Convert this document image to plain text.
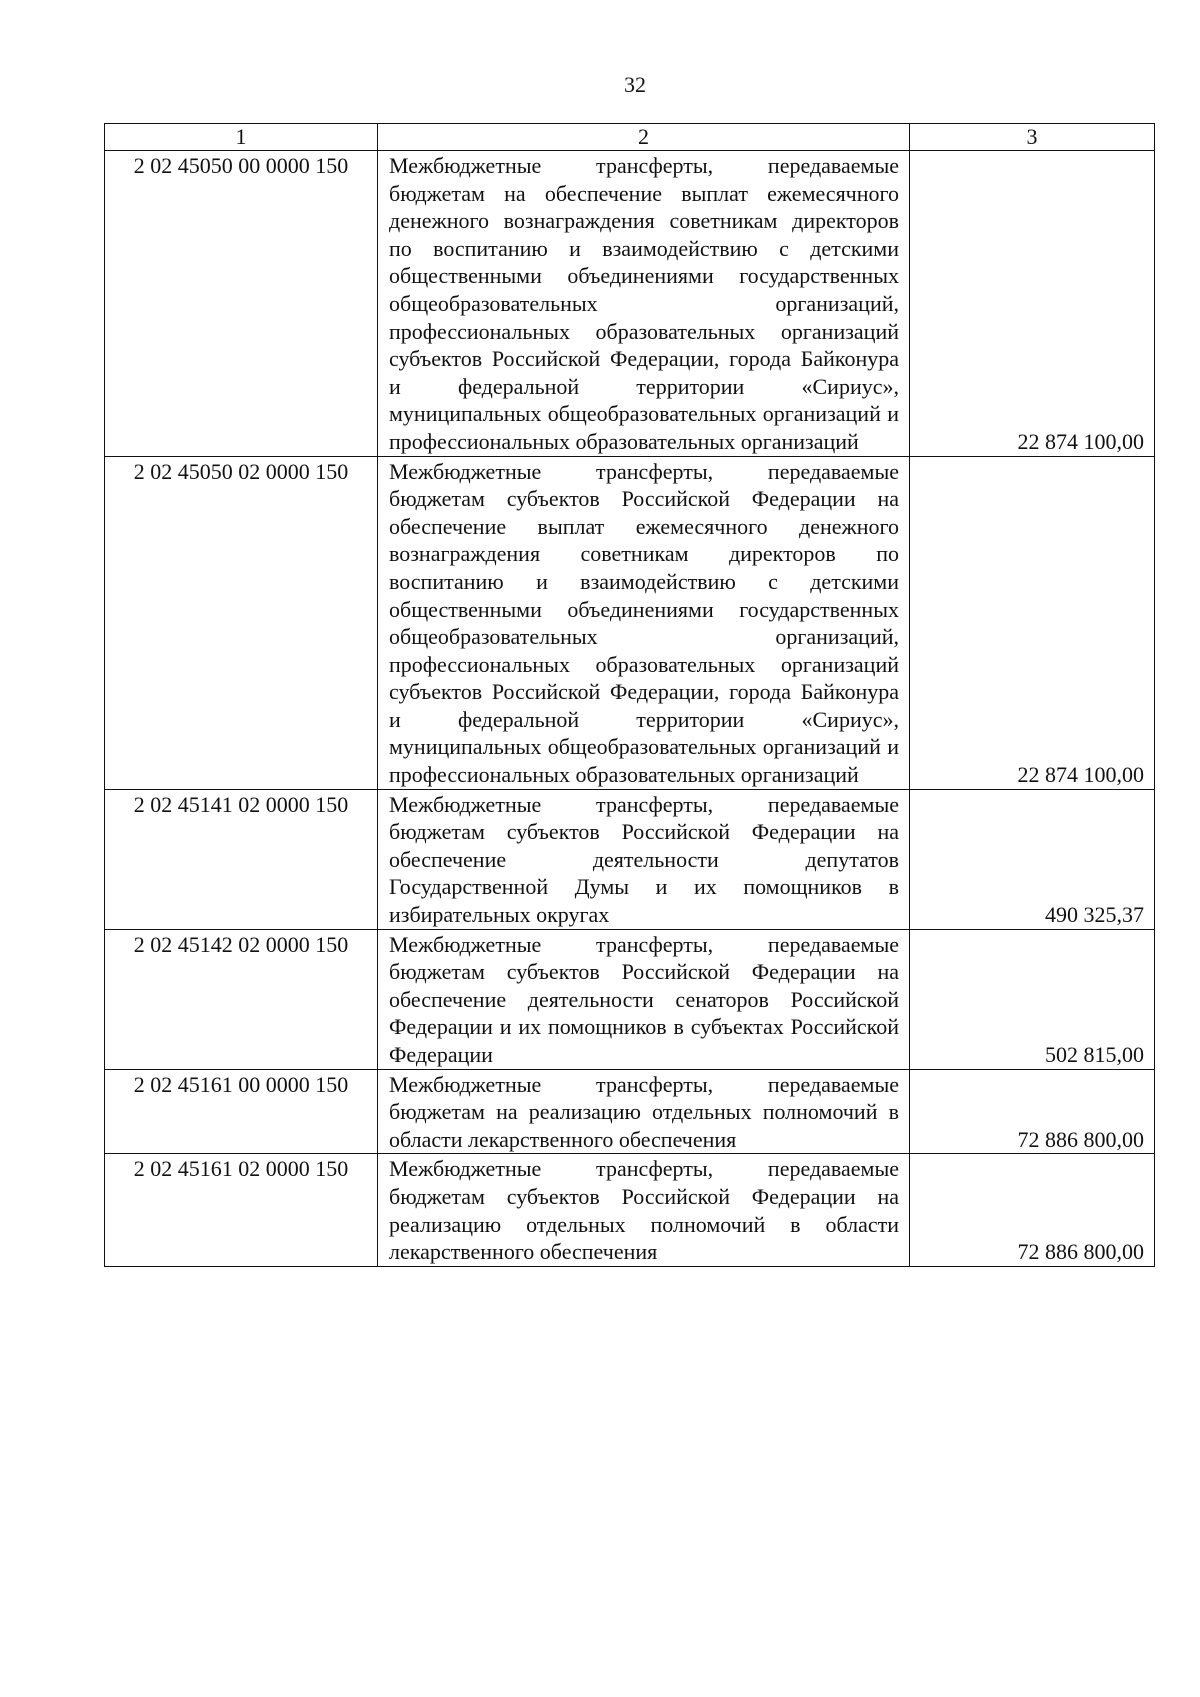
32
1	2	3
2 02 45050 00 0000 150	Межбюджетные трансферты, передаваемые бюджетам на обеспечение выплат ежемесячного денежного вознаграждения советникам директоров по воспитанию и взаимодействию с детскими общественными объединениями государственных общеобразовательных организаций, профессиональных образовательных организаций субъектов Российской Федерации, города Байконура и федеральной территории «Сириус», муниципальных общеобразовательных организаций и профессиональных образовательных организаций	22 874 100,00
2 02 45050 02 0000 150	Межбюджетные трансферты, передаваемые бюджетам субъектов Российской Федерации на обеспечение выплат ежемесячного денежного вознаграждения советникам директоров по воспитанию и взаимодействию с детскими общественными объединениями государственных общеобразовательных организаций, профессиональных образовательных организаций субъектов Российской Федерации, города Байконура и федеральной территории «Сириус», муниципальных общеобразовательных организаций и профессиональных образовательных организаций	22 874 100,00
2 02 45141 02 0000 150	Межбюджетные трансферты, передаваемые бюджетам субъектов Российской Федерации на обеспечение деятельности депутатов Государственной Думы и их помощников в избирательных округах	490 325,37
2 02 45142 02 0000 150	Межбюджетные трансферты, передаваемые бюджетам субъектов Российской Федерации на обеспечение деятельности сенаторов Российской Федерации и их помощников в субъектах Российской Федерации	502 815,00
2 02 45161 00 0000 150	Межбюджетные трансферты, передаваемые бюджетам на реализацию отдельных полномочий в области лекарственного обеспечения	72 886 800,00
2 02 45161 02 0000 150	Межбюджетные трансферты, передаваемые бюджетам субъектов Российской Федерации на реализацию отдельных полномочий в области лекарственного обеспечения	72 886 800,00
